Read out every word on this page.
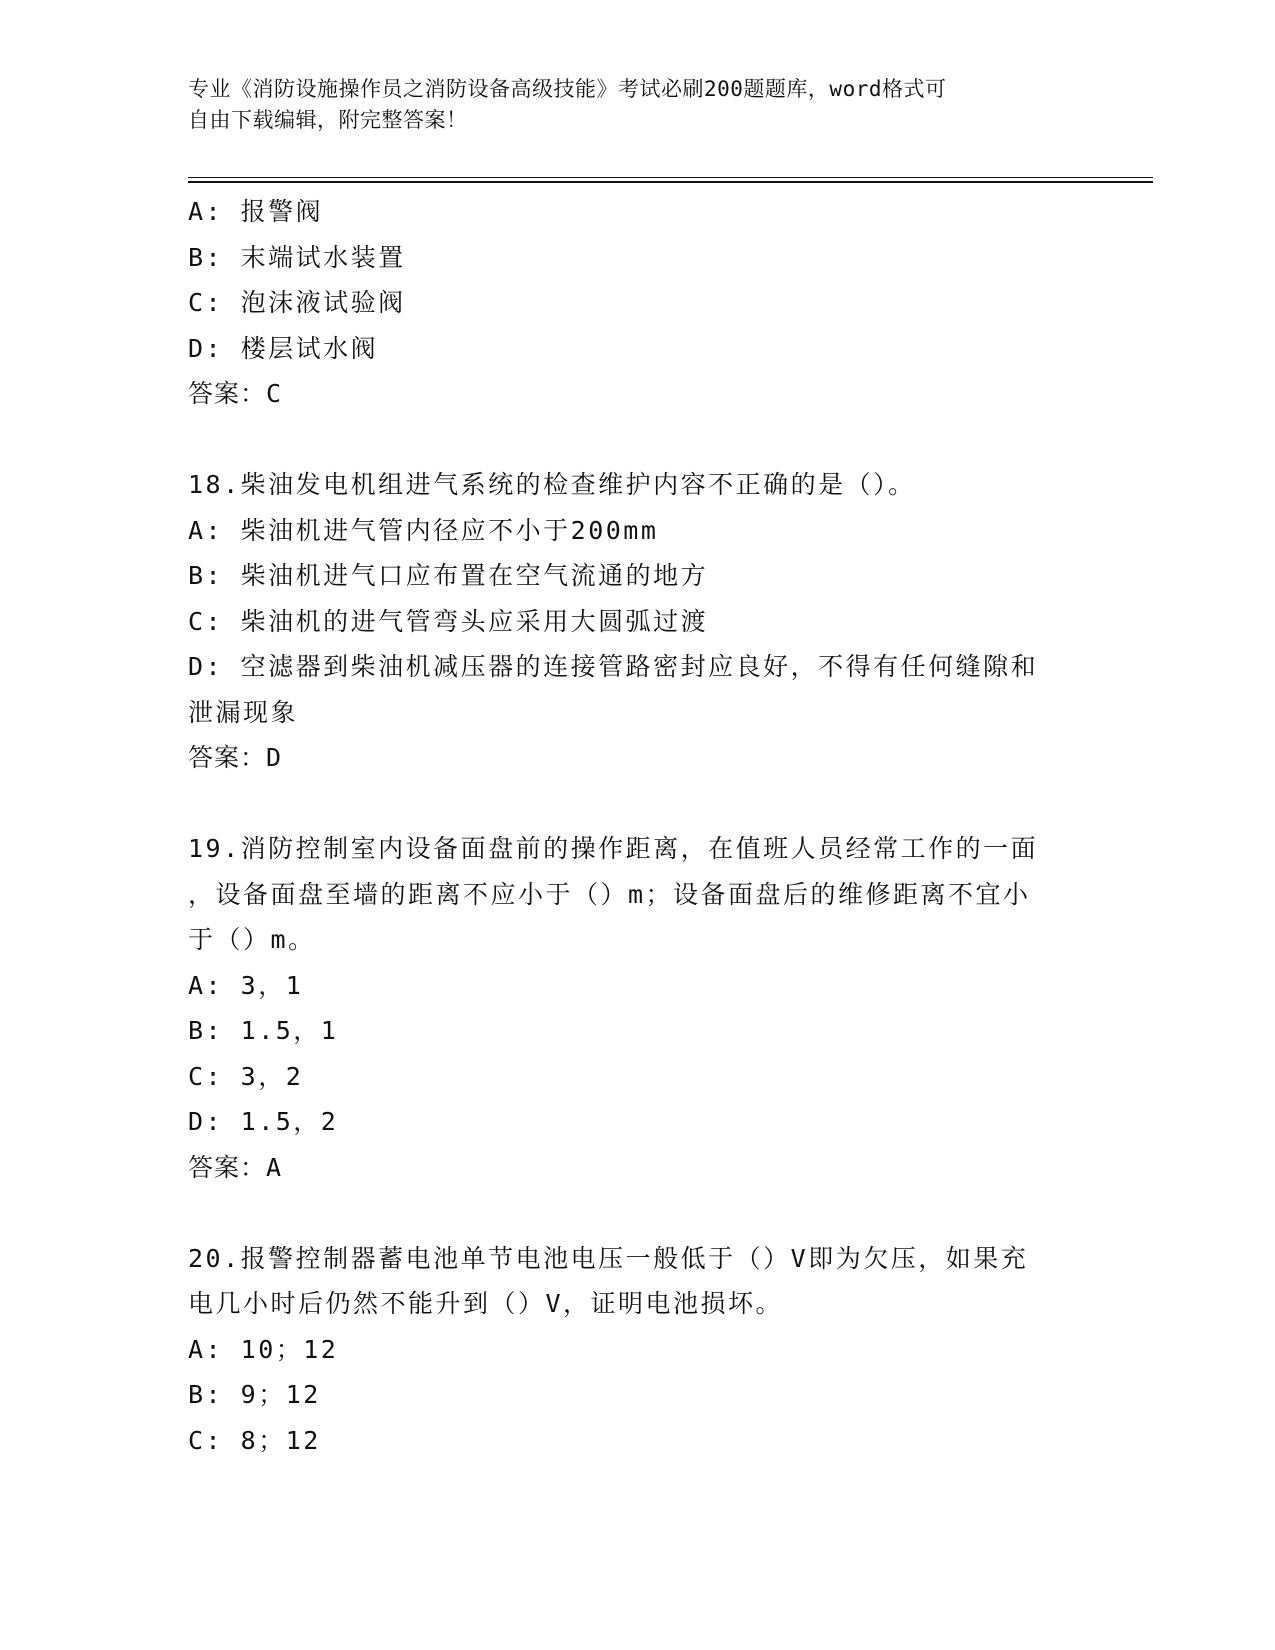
专业《消防设施操作员之消防设备高级技能》考试必刷200题题库，word格式可
自由下载编辑，附完整答案！

A: 报警阀

B: 末端试水装置

C: 泡沫液试验阀

D: 楼层试水阀

答案：C

18.柴油发电机组进气系统的检查维护内容不正确的是（）。

A: 柴油机进气管内径应不小于200mm

B: 柴油机进气口应布置在空气流通的地方

C: 柴油机的进气管弯头应采用大圆弧过渡

D: 空滤器到柴油机减压器的连接管路密封应良好，不得有任何缝隙和

泄漏现象

答案：D

19.消防控制室内设备面盘前的操作距离，在值班人员经常工作的一面

，设备面盘至墙的距离不应小于（）m；设备面盘后的维修距离不宜小

于（）m。

A: 3，1

B: 1.5，1

C: 3，2

D: 1.5，2

答案：A

20.报警控制器蓄电池单节电池电压一般低于（）V即为欠压，如果充

电几小时后仍然不能升到（）V，证明电池损坏。

A: 10；12

B: 9；12

C: 8；12
